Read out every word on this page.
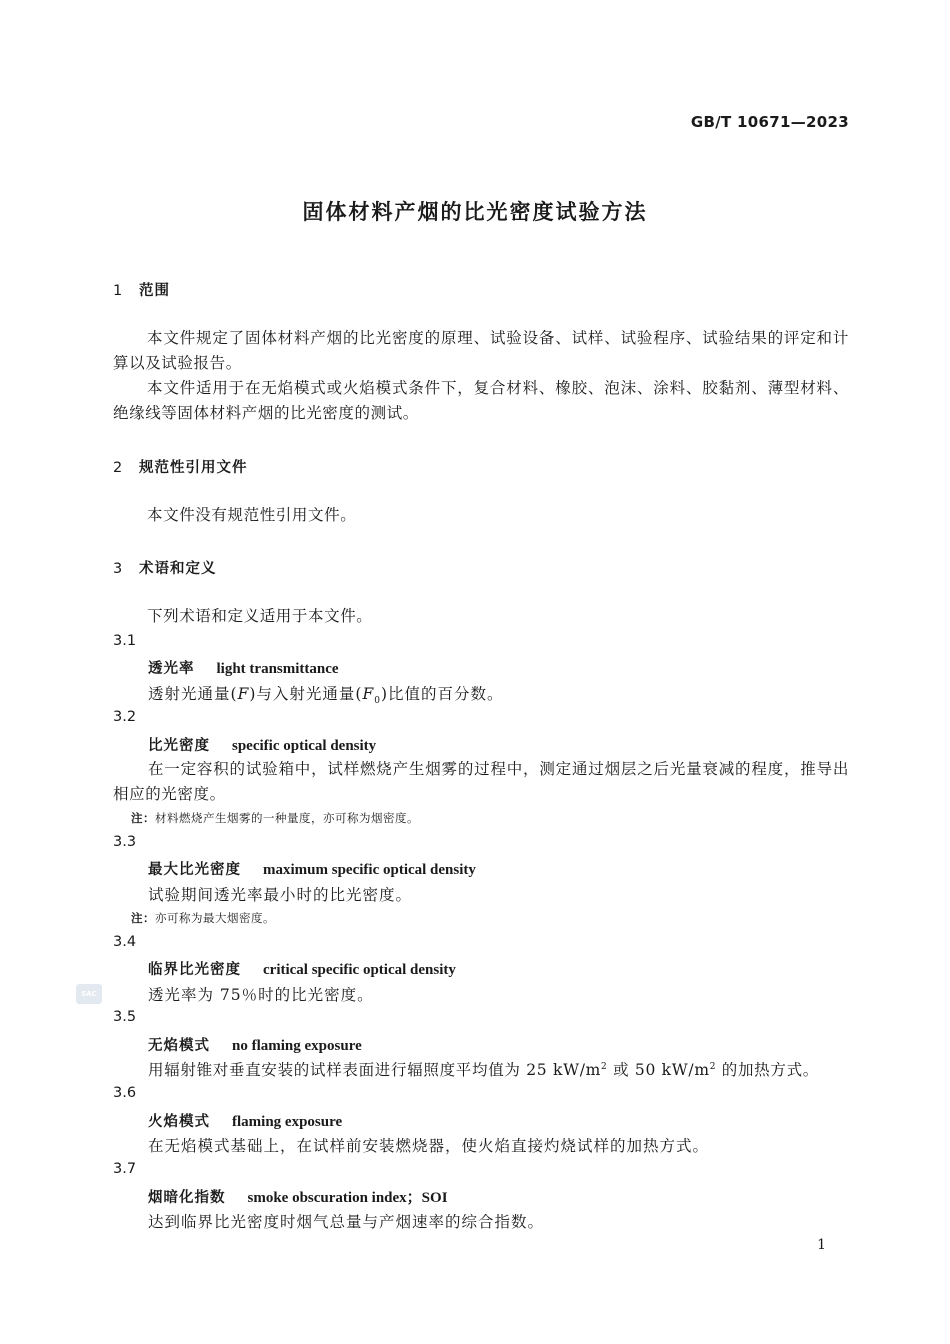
GB/T 10671—2023
固体材料产烟的比光密度试验方法
1 范围
本文件规定了固体材料产烟的比光密度的原理、试验设备、试样、试验程序、试验结果的评定和计算以及试验报告。
本文件适用于在无焰模式或火焰模式条件下，复合材料、橡胶、泡沫、涂料、胶黏剂、薄型材料、绝缘线等固体材料产烟的比光密度的测试。
2 规范性引用文件
本文件没有规范性引用文件。
3 术语和定义
下列术语和定义适用于本文件。
3.1
透光率 light transmittance
透射光通量(F)与入射光通量$(F_0)$比值的百分数。
3.2
比光密度 specific optical density
在一定容积的试验箱中，试样燃烧产生烟雾的过程中，测定通过烟层之后光量衰减的程度，推导出相应的光密度。
注：材料燃烧产生烟雾的一种量度，亦可称为烟密度。
3.3
最大比光密度 maximum specific optical density
试验期间透光率最小时的比光密度。
注：亦可称为最大烟密度。
3.4
临界比光密度 critical specific optical density
透光率为 75％时的比光密度。
SAC
3.5
无焰模式 no flaming exposure
用辐射锥对垂直安装的试样表面进行辐照度平均值为 25 $kW/m^2$ 或 50 $kW/m^2$ 的加热方式。
3.6
火焰模式 flaming exposure
在无焰模式基础上，在试样前安装燃烧器，使火焰直接灼烧试样的加热方式。
3.7
烟暗化指数 smoke obscuration index；SOI
达到临界比光密度时烟气总量与产烟速率的综合指数。
1
